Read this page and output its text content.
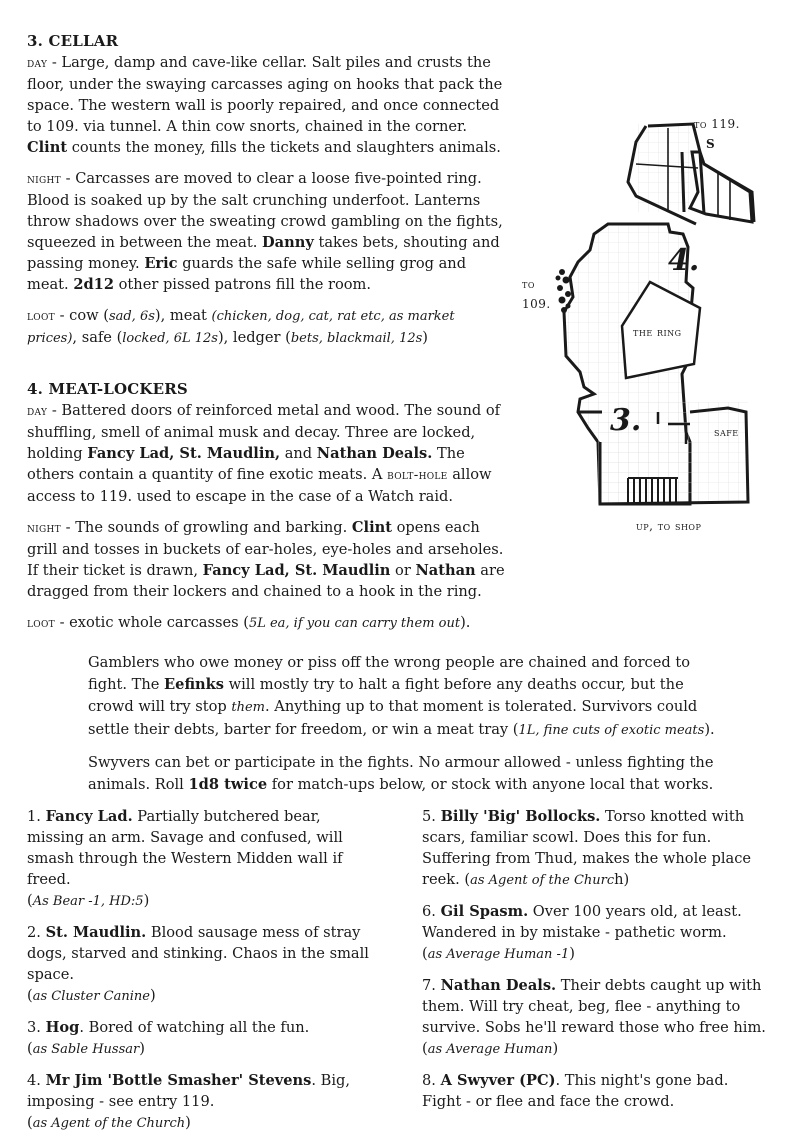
3. CELLAR

day - Large, damp and cave-like cellar. Salt piles and crusts the floor, under the swaying carcasses aging on hooks that pack the space. The western wall is poorly repaired, and once connected to 109. via tunnel. A thin cow snorts, chained in the corner. Clint counts the money, fills the tickets and slaughters animals.

night - Carcasses are moved to clear a loose five-pointed ring. Blood is soaked up by the salt crunching underfoot. Lanterns throw shadows over the sweating crowd gambling on the fights, squeezed in between the meat. Danny takes bets, shouting and passing money. Eric guards the safe while selling grog and meat. 2d12 other pissed patrons fill the room.

loot - cow (sad, 6s), meat (chicken, dog, cat, rat etc, as market prices), safe (locked, 6L 12s), ledger (bets, blackmail, 12s)

4. MEAT-LOCKERS

day - Battered doors of reinforced metal and wood. The sound of shuffling, smell of animal musk and decay. Three are locked, holding Fancy Lad, St. Maudlin, and Nathan Deals. The others contain a quantity of fine exotic meats. A bolt-hole allow access to 119. used to escape in the case of a Watch raid.

night - The sounds of growling and barking. Clint opens each grill and tosses in buckets of ear-holes, eye-holes and arseholes. If their ticket is drawn, Fancy Lad, St. Maudlin or Nathan are dragged from their lockers and chained to a hook in the ring.

loot - exotic whole carcasses (5L ea, if you can carry them out).

to 119.
S
to
109.
the ring
4.
3.	safe
up, to shop

Gamblers who owe money or piss off the wrong people are chained and forced to fight. The Eefinks will mostly try to halt a fight before any deaths occur, but the crowd will try stop them. Anything up to that moment is tolerated. Survivors could settle their debts, barter for freedom, or win a meat tray (1L, fine cuts of exotic meats).

Swyvers can bet or participate in the fights. No armour allowed - unless fighting the animals. Roll 1d8 twice for match-ups below, or stock with anyone local that works.

1. Fancy Lad. Partially butchered bear, missing an arm. Savage and confused, will smash through the Western Midden wall if freed.
(As Bear -1, HD:5)

2. St. Maudlin. Blood sausage mess of stray dogs, starved and stinking. Chaos in the small space.
(as Cluster Canine)

3. Hog. Bored of watching all the fun.
(as Sable Hussar)

4. Mr Jim 'Bottle Smasher' Stevens. Big, imposing - see entry 119.
(as Agent of the Church)

5. Billy 'Big' Bollocks. Torso knotted with scars, familiar scowl. Does this for fun. Suffering from Thud, makes the whole place reek. (as Agent of the Church)

6. Gil Spasm. Over 100 years old, at least. Wandered in by mistake - pathetic worm.
(as Average Human -1)

7. Nathan Deals. Their debts caught up with them. Will try cheat, beg, flee - anything to survive. Sobs he'll reward those who free him.
(as Average Human)

8. A Swyver (PC). This night's gone bad. Fight - or flee and face the crowd.
